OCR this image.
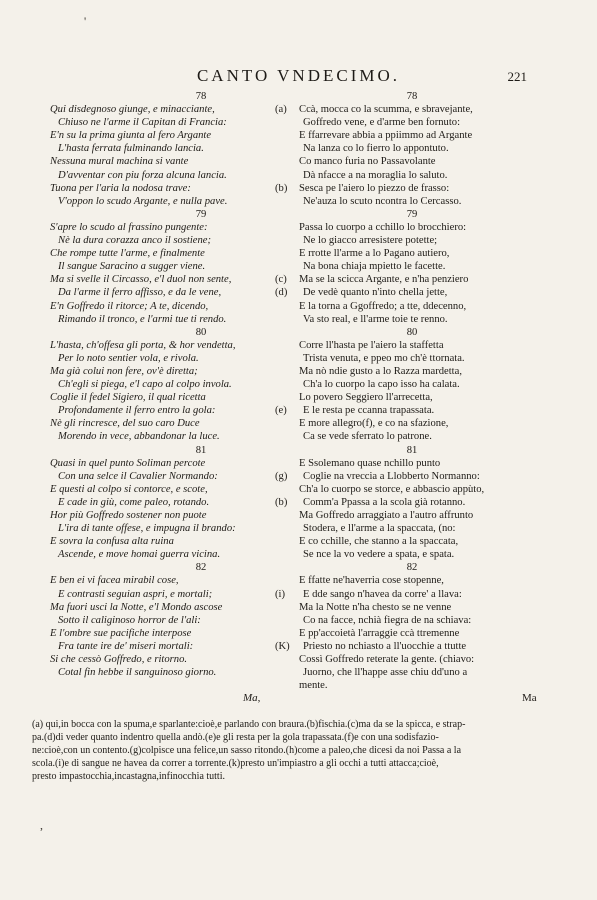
'
CANTO VNDECIMO.	221
78
Qui disdegnoso giunge, e minacciante,
Chiuso ne l'arme il Capitan di Francia:
E'n su la prima giunta al fero Argante
L'hasta ferrata fulminando lancia.
Nessuna mural machina si vante
D'avventar con piu forza alcuna lancia.
Tuona per l'aria la nodosa trave:
V'oppon lo scudo Argante, e nulla pave.
79
S'apre lo scudo al frassino pungente:
Nè la dura corazza anco il sostiene;
Che rompe tutte l'arme, e finalmente
Il sangue Saracino a sugger viene.
Ma si svelle il Circasso, e'l duol non sente,
Da l'arme il ferro affisso, e da le vene,
E'n Goffredo il ritorce; A te, dicendo,
Rimando il tronco, e l'armi tue ti rendo.
80
L'hasta, ch'offesa gli porta, & hor vendetta,
Per lo noto sentier vola, e rivola.
Ma già colui non fere, ov'è diretta;
Ch'egli si piega, e'l capo al colpo invola.
Coglie il fedel Sigiero, il qual ricetta
Profondamente il ferro entro la gola:
Nè gli rincresce, del suo caro Duce
Morendo in vece, abbandonar la luce.
81
Quasi in quel punto Soliman percote
Con una selce il Cavalier Normando:
E questi al colpo si contorce, e scote,
E cade in giù, come paleo, rotando.
Hor più Goffredo sostener non puote
L'ira di tante offese, e impugna il brando:
E sovra la confusa alta ruina
Ascende, e move homai guerra vicina.
82
E ben ei vi facea mirabil cose,
E contrasti seguian aspri, e mortali;
Ma fuori usci la Notte, e'l Mondo ascose
Sotto il caliginoso horror de l'ali:
E l'ombre sue pacifiche interpose
Fra tante ire de' miseri mortali:
Si che cessò Goffredo, e ritorno.
Cotal fin hebbe il sanguinoso giorno.
78
(a) Ccà, mocca co la scumma, e sbravejante,
Goffredo vene, e d'arme ben fornuto:
E ffarrevare abbia a ppiimmo ad Argante
Na lanza co lo fierro lo appontuto.
Co manco furia no Passavolante
Dà nfacce a na moraglia lo saluto.
(b) Sesca pe l'aiero lo piezzo de frasso:
Ne'auza lo scuto ncontra lo Cercasso.
79
Passa lo cuorpo a cchillo lo brocchiero:
Ne lo giacco arresistere potette;
E rrotte ll'arme a lo Pagano autiero,
Na bona chiaja mpietto le facette.
(c) Ma se la scicca Argante, e n'ha penziero
(d) De vedè quanto n'into chella jette,
E la torna a Ggoffredo; a tte, ddecenno,
Va sto real, e ll'arme toie te renno.
80
Corre ll'hasta pe l'aiero la staffetta
Trista venuta, e ppeo mo ch'è ttornata.
Ma nò ndie gusto a lo Razza mardetta,
Ch'a lo cuorpo la capo isso ha calata.
Lo povero Seggiero ll'arrecetta,
(e) E le resta pe ccanna trapassata.
E more allegro(f), e co na sfazione,
Ca se vede sferrato lo patrone.
81
E Ssolemano quase nchillo punto
(g) Coglie na vreccia a Llobberto Normanno:
Ch'a lo cuorpo se storce, e abbascio appùto,
(b) Comm'a Ppassa a la scola già rotanno.
Ma Goffredo arraggiato a l'autro affrunto
Stodera, e ll'arme a la spaccata, (no:
E co cchille, che stanno a la spaccata,
Se nce la vo vedere a spata, e spata.
82
E ffatte ne'haverria cose stopenne,
(i) E dde sango n'havea da corre' a llava:
Ma la Notte n'ha chesto se ne venne
Co na facce, nchià fiegra de na schiava:
E pp'accoietà l'arraggie ccà ttremenne
(K) Priesto no nchiasto a ll'uocchie a ttutte
Cossì Goffredo reterate la gente. (chiavo:
Juorno, che ll'happe asse chiu dd'uno a
mente.
Ma,	Ma
(a) qui,in bocca con la spuma,e sparlante:cioè,e parlando con braura.(b)fischia.(c)ma da se la spicca, e strap-
pa.(d)di veder quanto indentro quella andò.(e)e gli resta per la gola trapassata.(f)e con una sodisfazio-
ne:cioè,con un contento.(g)colpisce una felice,un sasso ritondo.(h)come a paleo,che dicesi da noi Passa a la
scola.(i)e di sangue ne havea da correr a torrente.(k)presto un'impiastro a gli occhi a tutti attacca;cioè,
presto impastocchia,incastagna,infinocchia tutti.
,
